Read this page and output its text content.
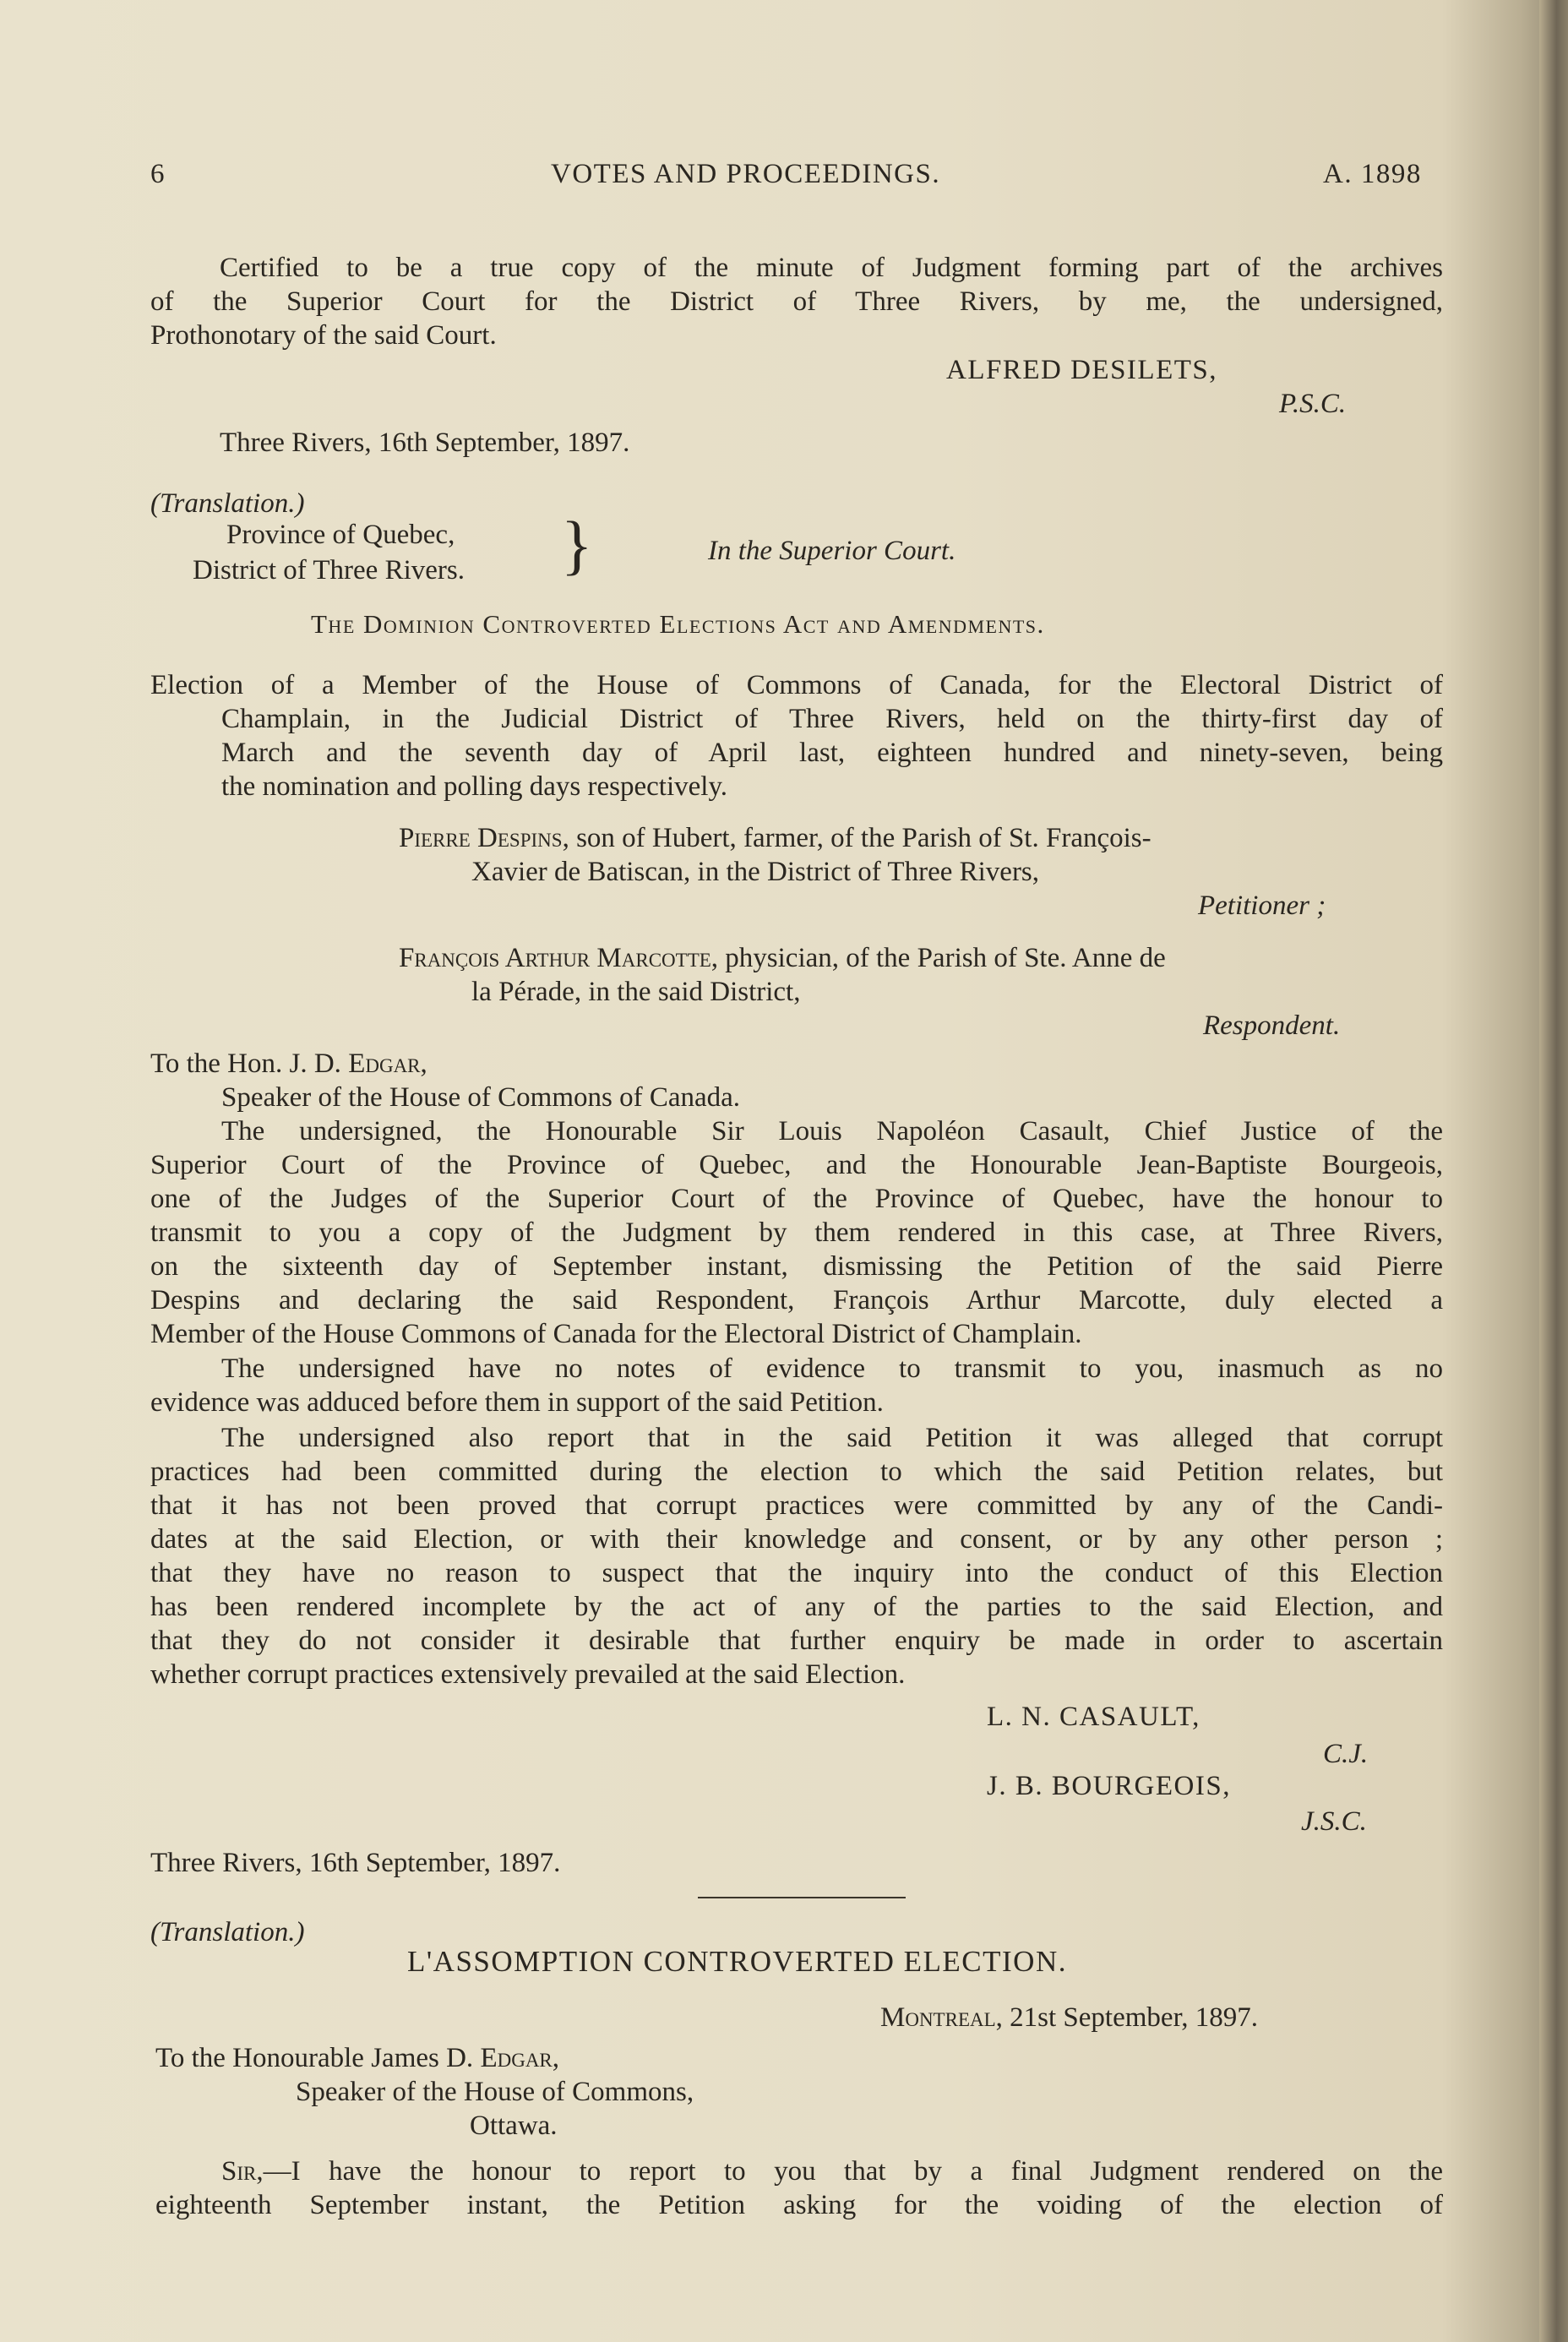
6	VOTES AND PROCEEDINGS.	A. 1898
Certified to be a true copy of the minute of Judgment forming part of the archives
of the Superior Court for the District of Three Rivers, by me, the undersigned,
Prothonotary of the said Court.
ALFRED DESILETS,
P.S.C.
Three Rivers, 16th September, 1897.
(Translation.)
Province of Quebec,
District of Three Rivers. }	In the Superior Court.
The Dominion Controverted Elections Act and Amendments.
Election of a Member of the House of Commons of Canada, for the Electoral District of
Champlain, in the Judicial District of Three Rivers, held on the thirty-first day of
March and the seventh day of April last, eighteen hundred and ninety-seven, being
the nomination and polling days respectively.
Pierre Despins, son of Hubert, farmer, of the Parish of St. François-
Xavier de Batiscan, in the District of Three Rivers,
Petitioner ;
François Arthur Marcotte, physician, of the Parish of Ste. Anne de
la Pérade, in the said District,
Respondent.
To the Hon. J. D. Edgar,
Speaker of the House of Commons of Canada.
The undersigned, the Honourable Sir Louis Napoléon Casault, Chief Justice of the
Superior Court of the Province of Quebec, and the Honourable Jean-Baptiste Bourgeois,
one of the Judges of the Superior Court of the Province of Quebec, have the honour to
transmit to you a copy of the Judgment by them rendered in this case, at Three Rivers,
on the sixteenth day of September instant, dismissing the Petition of the said Pierre
Despins and declaring the said Respondent, François Arthur Marcotte, duly elected a
Member of the House Commons of Canada for the Electoral District of Champlain.
The undersigned have no notes of evidence to transmit to you, inasmuch as no
evidence was adduced before them in support of the said Petition.
The undersigned also report that in the said Petition it was alleged that corrupt
practices had been committed during the election to which the said Petition relates, but
that it has not been proved that corrupt practices were committed by any of the Candi-
dates at the said Election, or with their knowledge and consent, or by any other person ;
that they have no reason to suspect that the inquiry into the conduct of this Election
has been rendered incomplete by the act of any of the parties to the said Election, and
that they do not consider it desirable that further enquiry be made in order to ascertain
whether corrupt practices extensively prevailed at the said Election.
L. N. CASAULT,
C.J.
J. B. BOURGEOIS,
J.S.C.
Three Rivers, 16th September, 1897.
(Translation.)
L'ASSOMPTION CONTROVERTED ELECTION.
Montreal, 21st September, 1897.
To the Honourable James D. Edgar,
Speaker of the House of Commons,
Ottawa.
Sir,—I have the honour to report to you that by a final Judgment rendered on the
eighteenth September instant, the Petition asking for the voiding of the election of
